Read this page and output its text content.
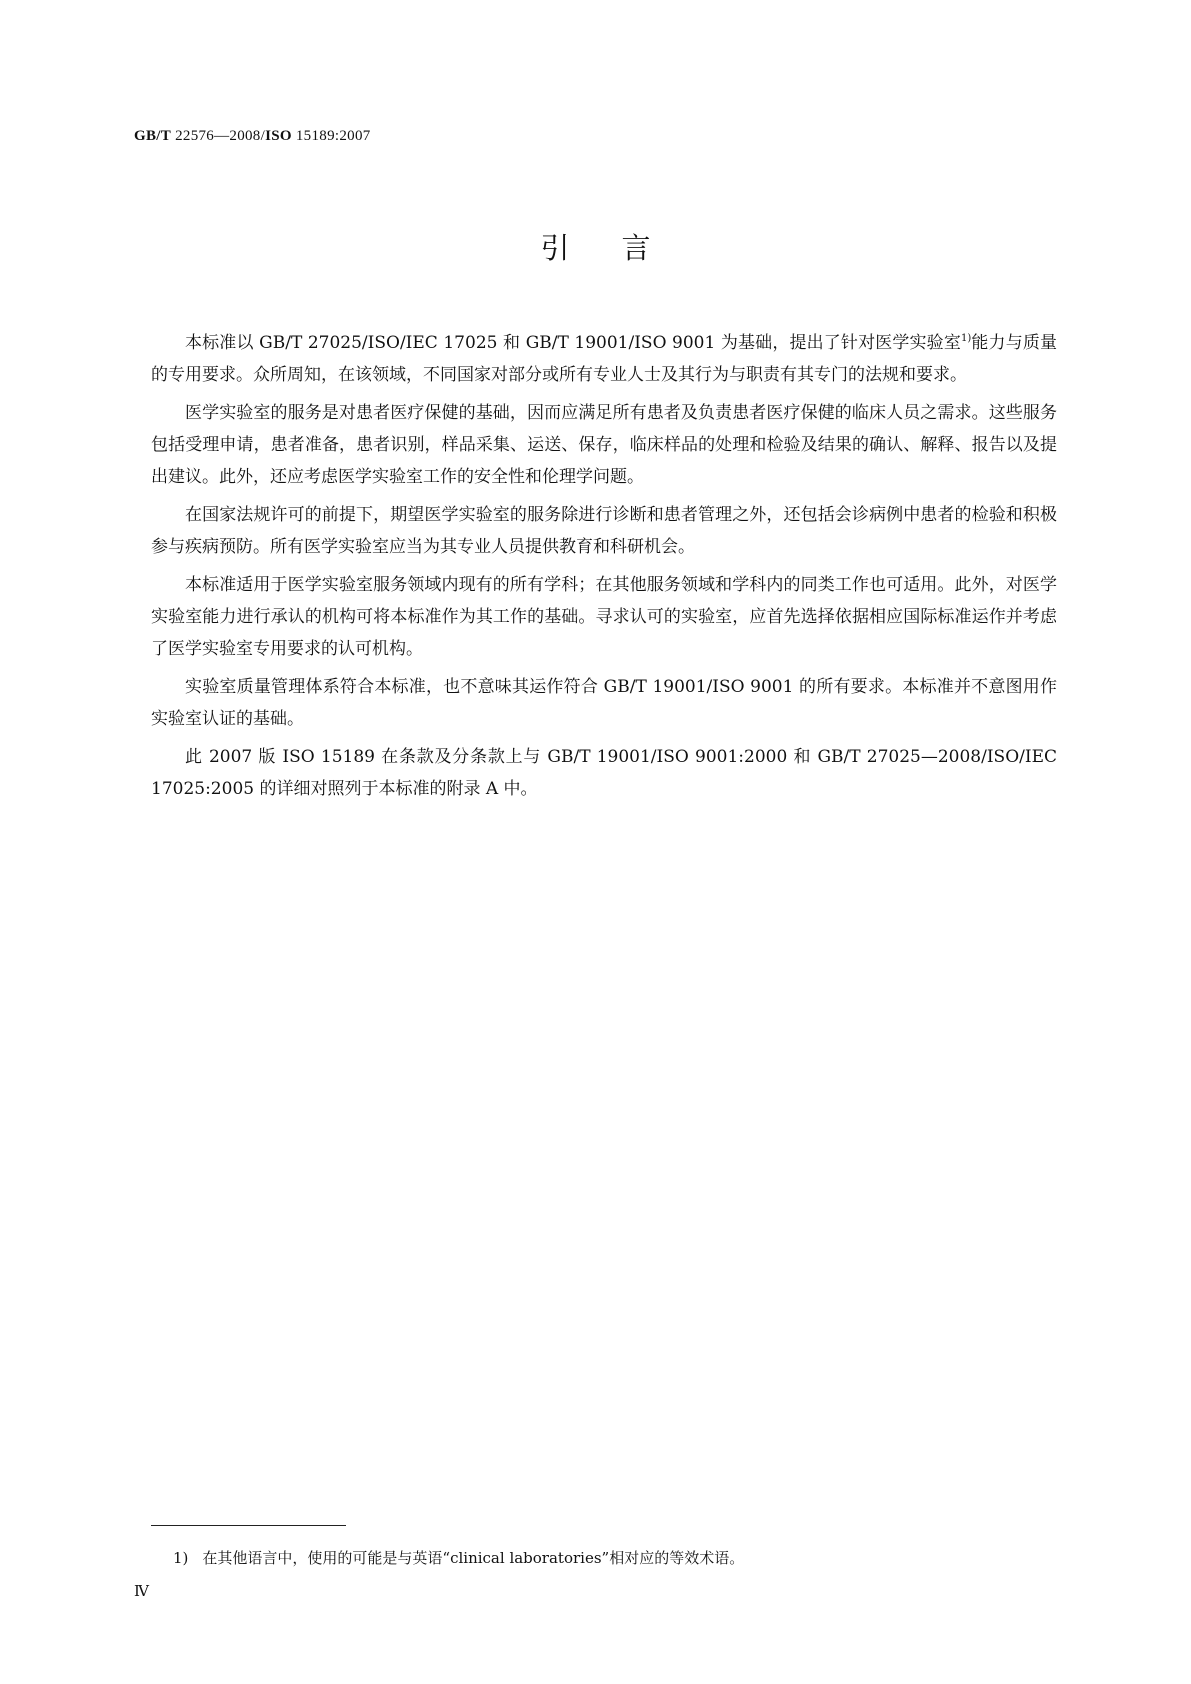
GB/T 22576—2008/ISO 15189:2007
引言

本标准以 GB/T 27025/ISO/IEC 17025 和 GB/T 19001/ISO 9001 为基础，提出了针对医学实验室$^{1)}$能力与质量的专用要求。众所周知，在该领域，不同国家对部分或所有专业人士及其行为与职责有其专门的法规和要求。

医学实验室的服务是对患者医疗保健的基础，因而应满足所有患者及负责患者医疗保健的临床人员之需求。这些服务包括受理申请，患者准备，患者识别，样品采集、运送、保存，临床样品的处理和检验及结果的确认、解释、报告以及提出建议。此外，还应考虑医学实验室工作的安全性和伦理学问题。

在国家法规许可的前提下，期望医学实验室的服务除进行诊断和患者管理之外，还包括会诊病例中患者的检验和积极参与疾病预防。所有医学实验室应当为其专业人员提供教育和科研机会。

本标准适用于医学实验室服务领域内现有的所有学科；在其他服务领域和学科内的同类工作也可适用。此外，对医学实验室能力进行承认的机构可将本标准作为其工作的基础。寻求认可的实验室，应首先选择依据相应国际标准运作并考虑了医学实验室专用要求的认可机构。

实验室质量管理体系符合本标准，也不意味其运作符合 GB/T 19001/ISO 9001 的所有要求。本标准并不意图用作实验室认证的基础。

此 2007 版 ISO 15189 在条款及分条款上与 GB/T 19001/ISO 9001:2000 和 GB/T 27025—2008/ISO/IEC 17025:2005 的详细对照列于本标准的附录 A 中。

1) 在其他语言中，使用的可能是与英语“clinical laboratories”相对应的等效术语。
Ⅳ
